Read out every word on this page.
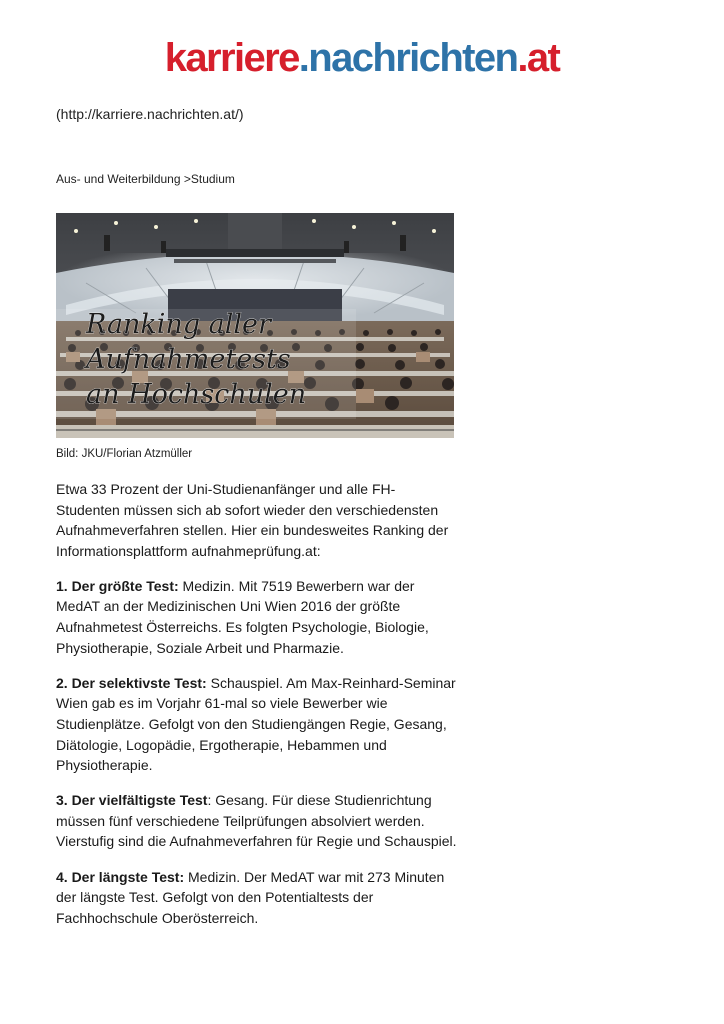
karriere.nachrichten.at
(http://karriere.nachrichten.at/)
Aus- und Weiterbildung >Studium
Ranking aller
Aufnahmetests
an Hochschulen
Bild: JKU/Florian Atzmüller

Etwa 33 Prozent der Uni-Studienanfänger und alle FH-Studenten müssen sich ab sofort wieder den verschiedensten Aufnahmeverfahren stellen. Hier ein bundesweites Ranking der Informationsplattform aufnahmeprüfung.at:

1. Der größte Test: Medizin. Mit 7519 Bewerbern war der MedAT an der Medizinischen Uni Wien 2016 der größte Aufnahmetest Österreichs. Es folgten Psychologie, Biologie, Physiotherapie, Soziale Arbeit und Pharmazie.

2. Der selektivste Test: Schauspiel. Am Max-Reinhard-Seminar Wien gab es im Vorjahr 61-mal so viele Bewerber wie Studienplätze. Gefolgt von den Studiengängen Regie, Gesang, Diätologie, Logopädie, Ergotherapie, Hebammen und Physiotherapie.

3. Der vielfältigste Test: Gesang. Für diese Studienrichtung müssen fünf verschiedene Teilprüfungen absolviert werden. Vierstufig sind die Aufnahmeverfahren für Regie und Schauspiel.

4. Der längste Test: Medizin. Der MedAT war mit 273 Minuten der längste Test. Gefolgt von den Potentialtests der Fachhochschule Oberösterreich.
